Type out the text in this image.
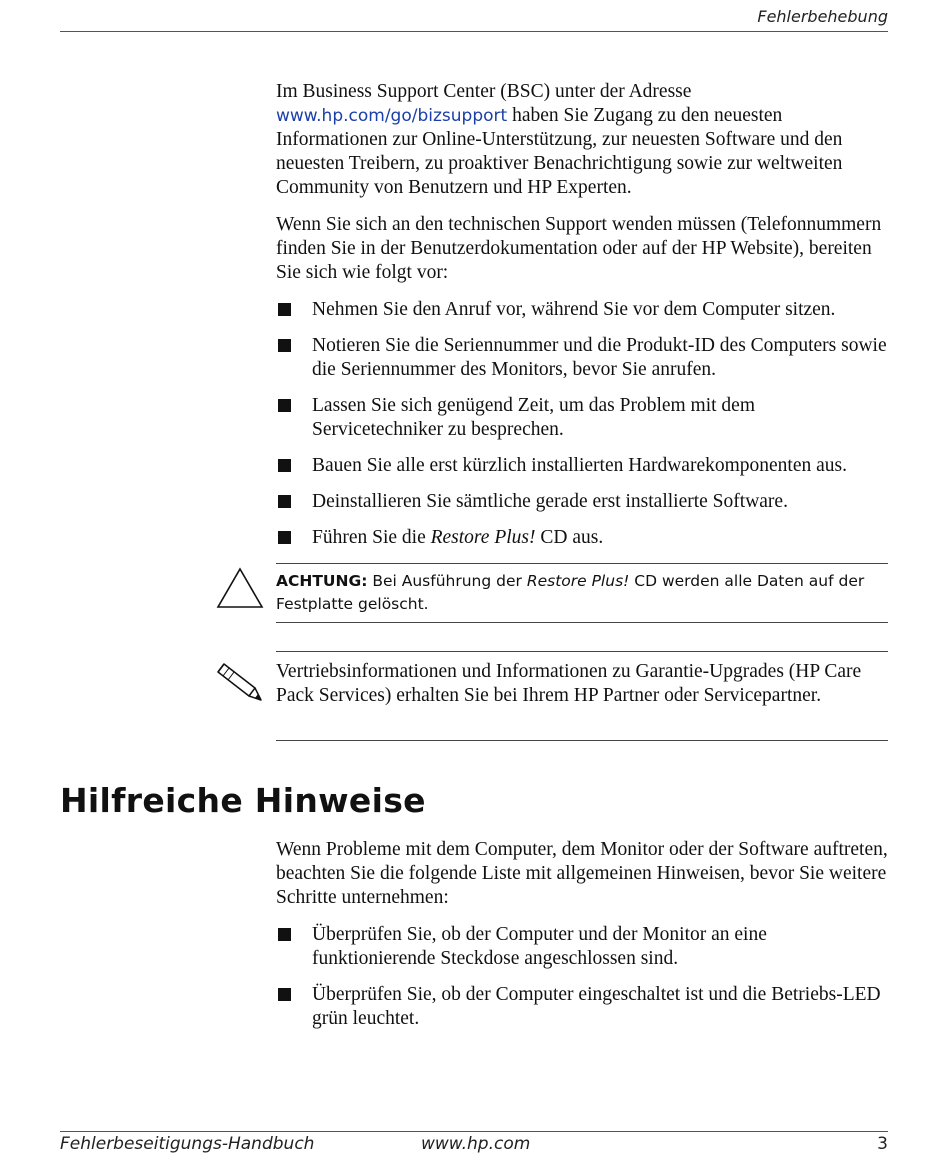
Fehlerbehebung

Im Business Support Center (BSC) unter der Adresse
www.hp.com/go/bizsupport haben Sie Zugang zu den neuesten Informationen zur Online-Unterstützung, zur neuesten Software und den neuesten Treibern, zu proaktiver Benachrichtigung sowie zur weltweiten Community von Benutzern und HP Experten.

Wenn Sie sich an den technischen Support wenden müssen (Telefonnummern finden Sie in der Benutzerdokumentation oder auf der HP Website), bereiten Sie sich wie folgt vor:

Nehmen Sie den Anruf vor, während Sie vor dem Computer sitzen.
Notieren Sie die Seriennummer und die Produkt-ID des Computers sowie die Seriennummer des Monitors, bevor Sie anrufen.
Lassen Sie sich genügend Zeit, um das Problem mit dem Servicetechniker zu besprechen.
Bauen Sie alle erst kürzlich installierten Hardwarekomponenten aus.
Deinstallieren Sie sämtliche gerade erst installierte Software.
Führen Sie die Restore Plus! CD aus.
ACHTUNG: Bei Ausführung der Restore Plus! CD werden alle Daten auf der Festplatte gelöscht.

Vertriebsinformationen und Informationen zu Garantie-Upgrades (HP Care Pack Services) erhalten Sie bei Ihrem HP Partner oder Servicepartner.

Hilfreiche Hinweise

Wenn Probleme mit dem Computer, dem Monitor oder der Software auftreten, beachten Sie die folgende Liste mit allgemeinen Hinweisen, bevor Sie weitere Schritte unternehmen:

Überprüfen Sie, ob der Computer und der Monitor an eine funktionierende Steckdose angeschlossen sind.
Überprüfen Sie, ob der Computer eingeschaltet ist und die Betriebs-LED grün leuchtet.
Fehlerbeseitigungs-Handbuch	www.hp.com	3
